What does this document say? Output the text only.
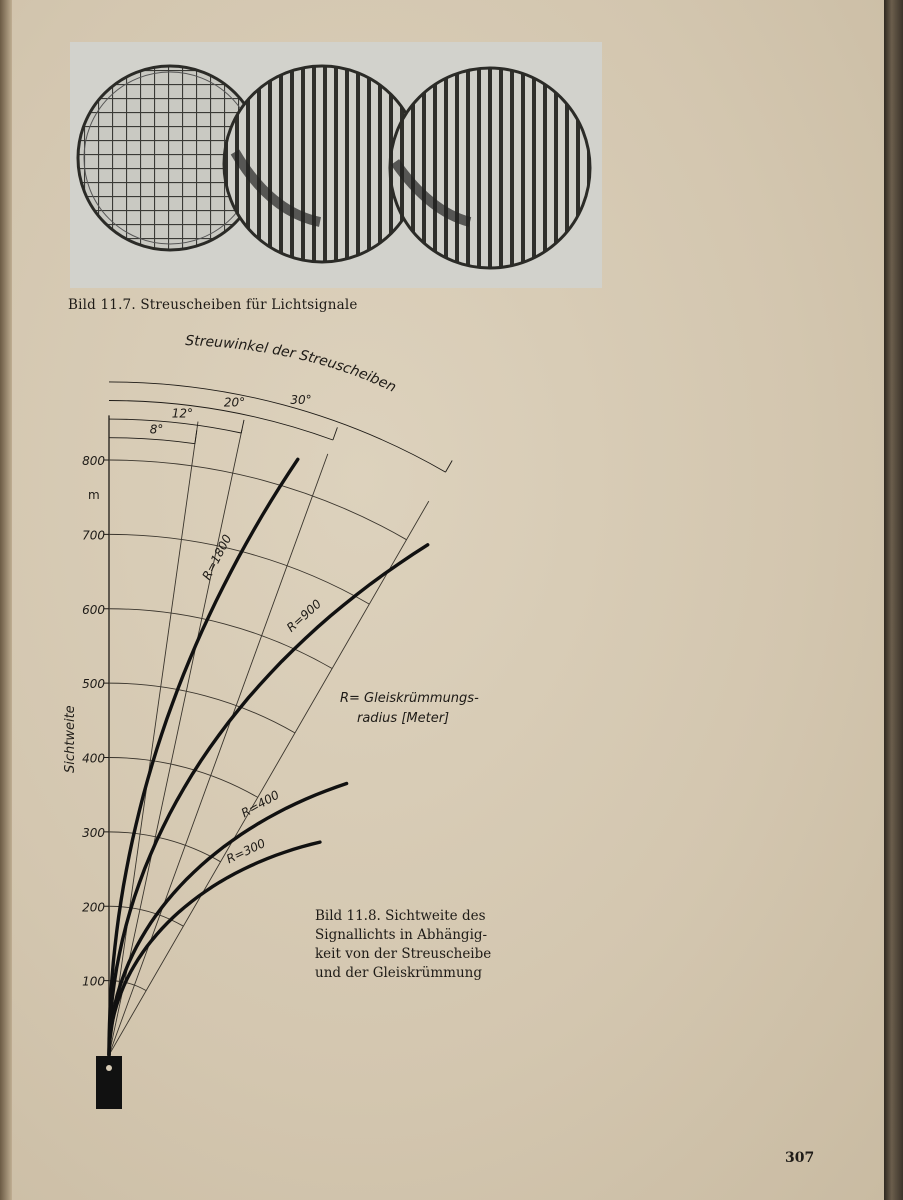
Bild 11.7. Streuscheiben für Lichtsignale
R=1800
R=900
R=400
R=300
100
200
300
400
500
600
700
800
8°
12°
20°	30°
Sichtweite
m
R= Gleiskrümmungs-
radius [Meter]
Streuwinkel der Streuscheiben
Bild 11.8. Sichtweite des
Signallichts in Abhängig-
keit von der Streuscheibe
und der Gleiskrümmung
307
